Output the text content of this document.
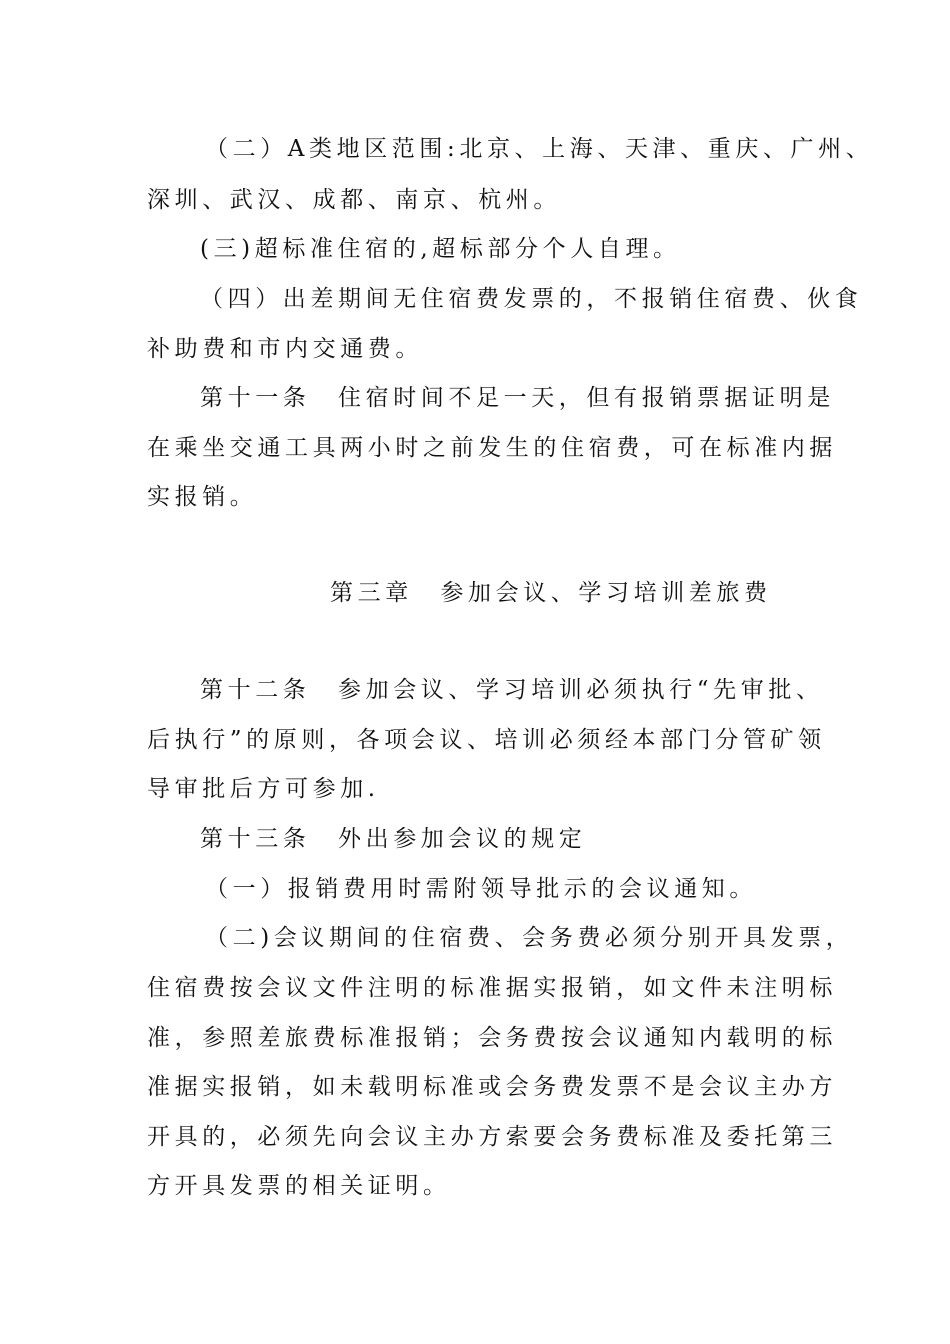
（二）A类地区范围:北京、上海、天津、重庆、广州、

深圳、武汉、成都、南京、杭州。

(三)超标准住宿的,超标部分个人自理。

（四）出差期间无住宿费发票的，不报销住宿费、伙食

补助费和市内交通费。

第十一条　住宿时间不足一天，但有报销票据证明是

在乘坐交通工具两小时之前发生的住宿费，可在标准内据

实报销。

第三章　参加会议、学习培训差旅费

第十二条　参加会议、学习培训必须执行“先审批、

后执行”的原则，各项会议、培训必须经本部门分管矿领

导审批后方可参加.

第十三条　外出参加会议的规定

（一）报销费用时需附领导批示的会议通知。

（二)会议期间的住宿费、会务费必须分别开具发票，

住宿费按会议文件注明的标准据实报销，如文件未注明标

准，参照差旅费标准报销；会务费按会议通知内载明的标

准据实报销，如未载明标准或会务费发票不是会议主办方

开具的，必须先向会议主办方索要会务费标准及委托第三

方开具发票的相关证明。
